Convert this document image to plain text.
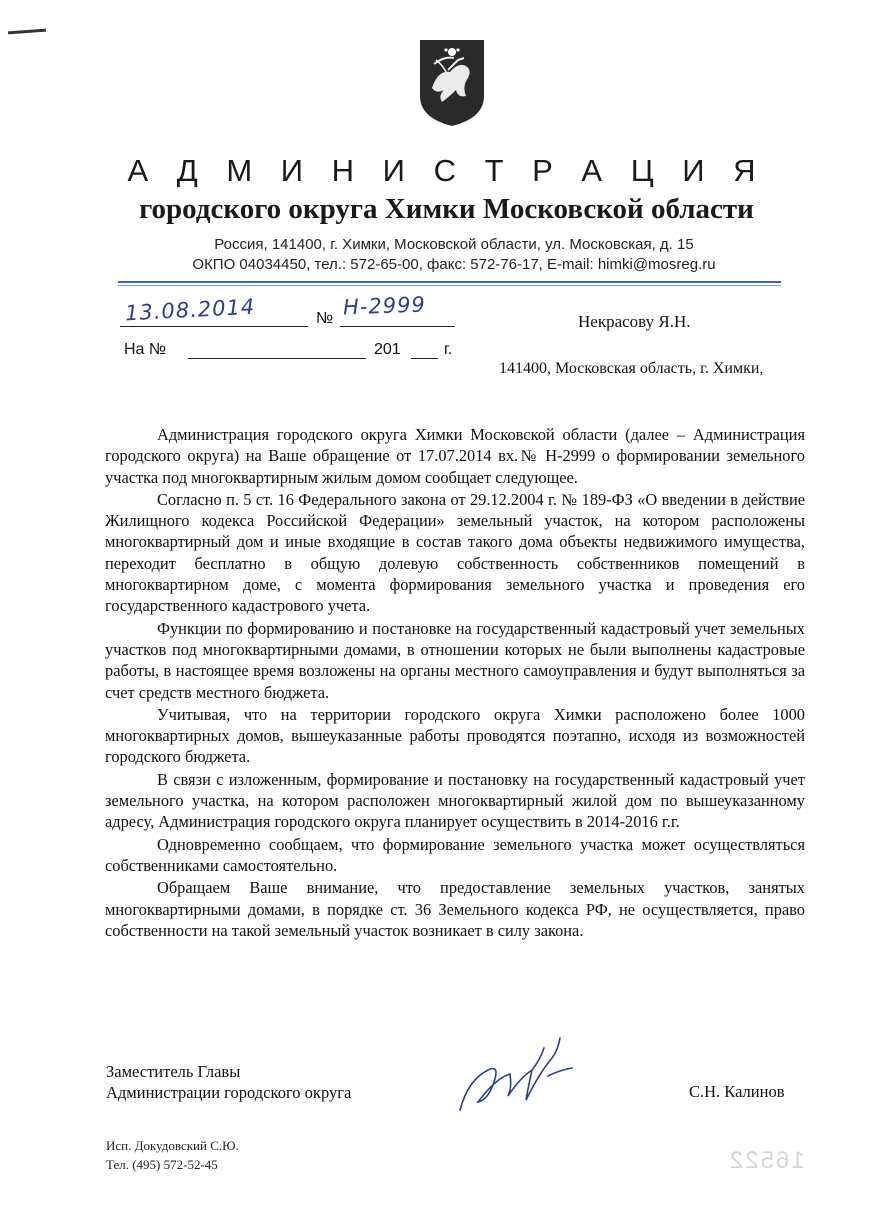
А Д М И Н И С Т Р А Ц И Я
городского округа Химки Московской области
Россия, 141400, г. Химки, Московской области, ул. Московская, д. 15
ОКПО 04034450, тел.: 572-65-00, факс: 572-76-17, E-mail: himki@mosreg.ru
13.08.2014	№ Н-2999
На №	201	г.
Некрасову Я.Н.
141400, Московская область, г. Химки,

Администрация городского округа Химки Московской области (далее – Администрация городского округа) на Ваше обращение от 17.07.2014 вх.№ Н-2999 о формировании земельного участка под многоквартирным жилым домом сообщает следующее.

Согласно п. 5 ст. 16 Федерального закона от 29.12.2004 г. № 189-ФЗ «О введении в действие Жилищного кодекса Российской Федерации» земельный участок, на котором расположены многоквартирный дом и иные входящие в состав такого дома объекты недвижимого имущества, переходит бесплатно в общую долевую собственность собственников помещений в многоквартирном доме, с момента формирования земельного участка и проведения его государственного кадастрового учета.

Функции по формированию и постановке на государственный кадастровый учет земельных участков под многоквартирными домами, в отношении которых не были выполнены кадастровые работы, в настоящее время возложены на органы местного самоуправления и будут выполняться за счет средств местного бюджета.

Учитывая, что на территории городского округа Химки расположено более 1000 многоквартирных домов, вышеуказанные работы проводятся поэтапно, исходя из возможностей городского бюджета.

В связи с изложенным, формирование и постановку на государственный кадастровый учет земельного участка, на котором расположен многоквартирный жилой дом по вышеуказанному адресу, Администрация городского округа планирует осуществить в 2014-2016 г.г.

Одновременно сообщаем, что формирование земельного участка может осуществляться собственниками самостоятельно.

Обращаем Ваше внимание, что предоставление земельных участков, занятых многоквартирными домами, в порядке ст. 36 Земельного кодекса РФ, не осуществляется, право собственности на такой земельный участок возникает в силу закона.

Заместитель Главы
Администрации городского округа	С.Н. Калинов
Исп. Докудовский С.Ю.
Тел. (495) 572-52-45	16522
